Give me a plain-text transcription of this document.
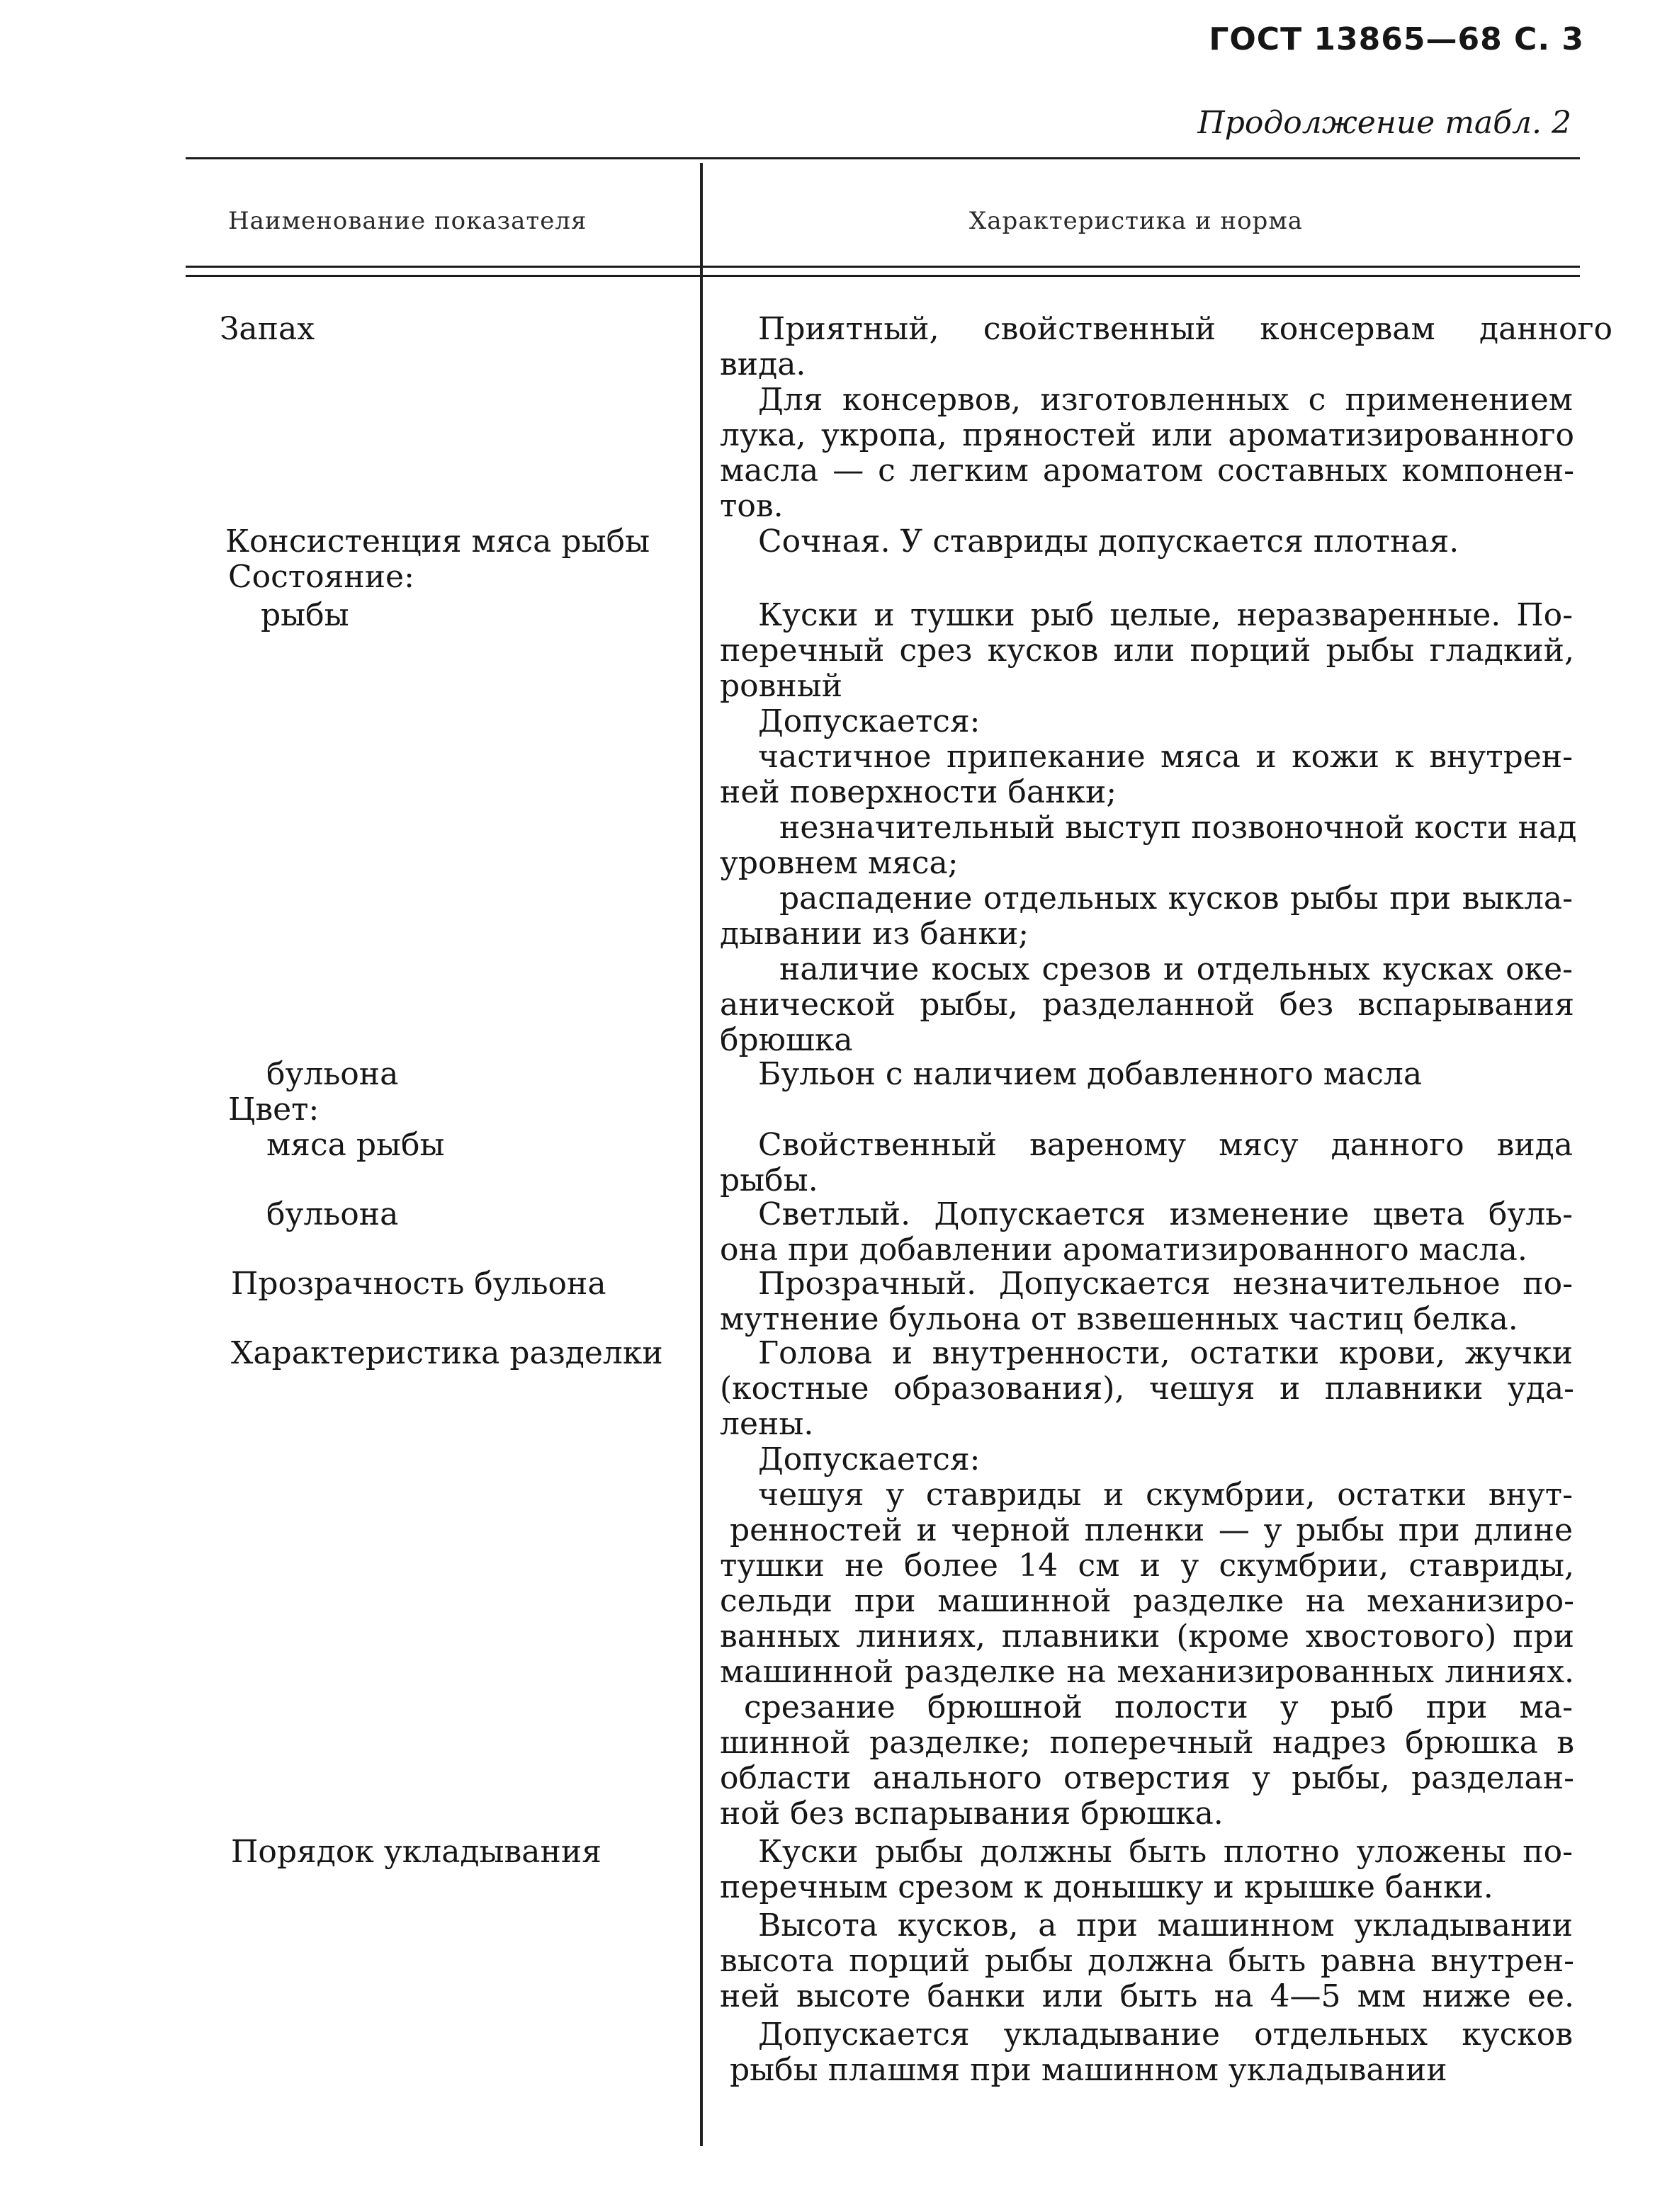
ГОСТ 13865—68 С. 3
Продолжение табл. 2
Наименование показателя	Характеристика и норма
Запах
Консистенция мяса рыбы
Состояние:
рыбы
бульона
Цвет:
мяса рыбы
бульона
Прозрачность бульона
Характеристика разделки
Порядок укладывания
Приятный, свойственный консервам данного
вида.
Для консервов, изготовленных с применением
лука, укропа, пряностей или ароматизированного
масла — с легким ароматом составных компонен-
тов.
Сочная. У ставриды допускается плотная.
Куски и тушки рыб целые, неразваренные. По-
перечный срез кусков или порций рыбы гладкий,
ровный
Допускается:
частичное припекание мяса и кожи к внутрен-
ней поверхности банки;
незначительный выступ позвоночной кости над
уровнем мяса;
распадение отдельных кусков рыбы при выкла-
дывании из банки;
наличие косых срезов и отдельных кусках оке-
анической рыбы, разделанной без вспарывания
брюшка
Бульон с наличием добавленного масла
Свойственный вареному мясу данного вида
рыбы.
Светлый. Допускается изменение цвета буль-
она при добавлении ароматизированного масла.
Прозрачный. Допускается незначительное по-
мутнение бульона от взвешенных частиц белка.
Голова и внутренности, остатки крови, жучки
(костные образования), чешуя и плавники уда-
лены.
Допускается:
чешуя у ставриды и скумбрии, остатки внут-
ренностей и черной пленки — у рыбы при длине
тушки не более 14 см и у скумбрии, ставриды,
сельди при машинной разделке на механизиро-
ванных линиях, плавники (кроме хвостового) при
машинной разделке на механизированных линиях.
срезание брюшной полости у рыб при ма-
шинной разделке; поперечный надрез брюшка в
области анального отверстия у рыбы, разделан-
ной без вспарывания брюшка.
Куски рыбы должны быть плотно уложены по-
перечным срезом к донышку и крышке банки.
Высота кусков, а при машинном укладывании
высота порций рыбы должна быть равна внутрен-
ней высоте банки или быть на 4—5 мм ниже ее.
Допускается укладывание отдельных кусков
рыбы плашмя при машинном укладывании
